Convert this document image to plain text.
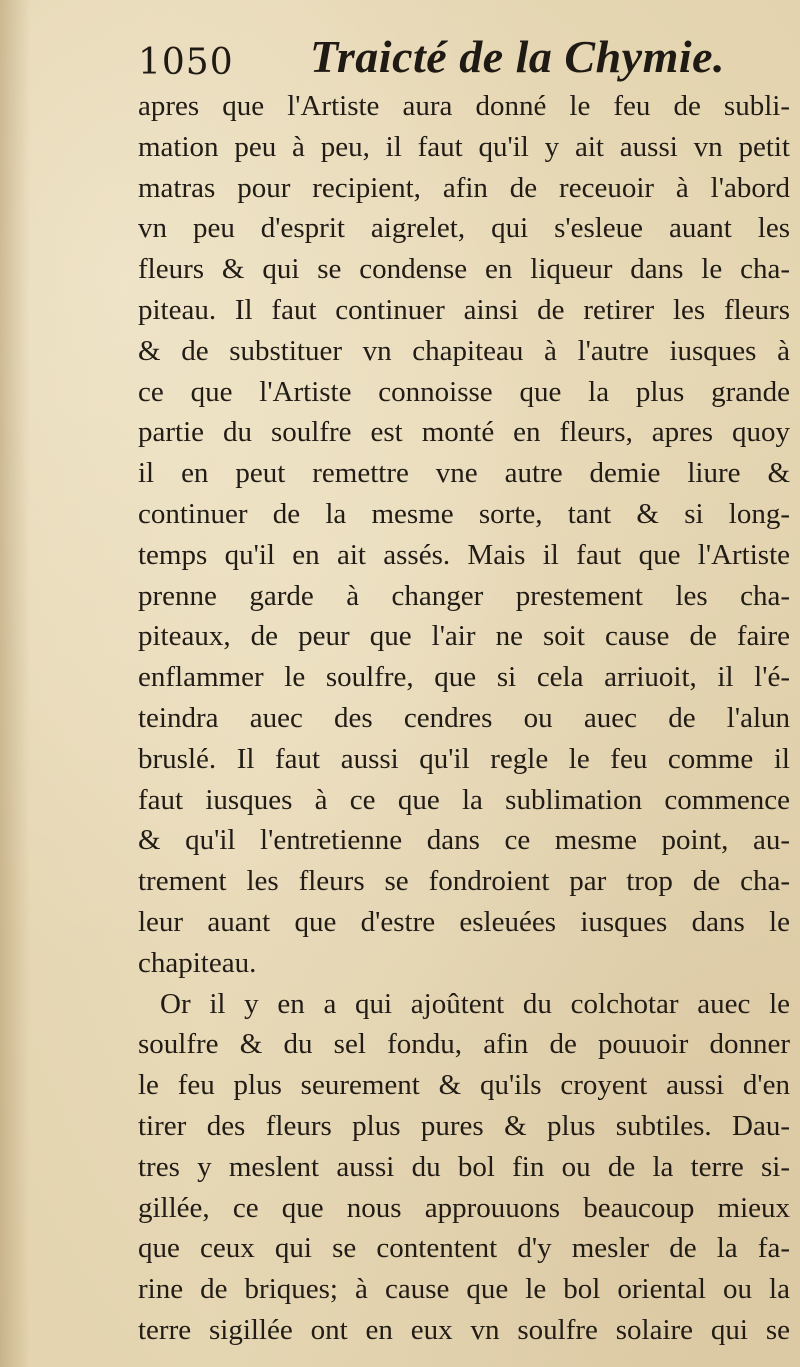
1050 Traicté de la Chymie.
apres que l'Artiste aura donné le feu de subli-
mation peu à peu, il faut qu'il y ait aussi vn petit
matras pour recipient, afin de receuoir à l'abord
vn peu d'esprit aigrelet, qui s'esleue auant les
fleurs & qui se condense en liqueur dans le cha-
piteau. Il faut continuer ainsi de retirer les fleurs
& de substituer vn chapiteau à l'autre iusques à
ce que l'Artiste connoisse que la plus grande
partie du soulfre est monté en fleurs, apres quoy
il en peut remettre vne autre demie liure &
continuer de la mesme sorte, tant & si long-
temps qu'il en ait assés. Mais il faut que l'Artiste
prenne garde à changer prestement les cha-
piteaux, de peur que l'air ne soit cause de faire
enflammer le soulfre, que si cela arriuoit, il l'é-
teindra auec des cendres ou auec de l'alun
bruslé. Il faut aussi qu'il regle le feu comme il
faut iusques à ce que la sublimation commence
& qu'il l'entretienne dans ce mesme point, au-
trement les fleurs se fondroient par trop de cha-
leur auant que d'estre esleuées iusques dans le
chapiteau.
Or il y en a qui ajoûtent du colchotar auec le
soulfre & du sel fondu, afin de pouuoir donner
le feu plus seurement & qu'ils croyent aussi d'en
tirer des fleurs plus pures & plus subtiles. Dau-
tres y meslent aussi du bol fin ou de la terre si-
gillée, ce que nous approuuons beaucoup mieux
que ceux qui se contentent d'y mesler de la fa-
rine de briques; à cause que le bol oriental ou la
terre sigillée ont en eux vn soulfre solaire qui se
